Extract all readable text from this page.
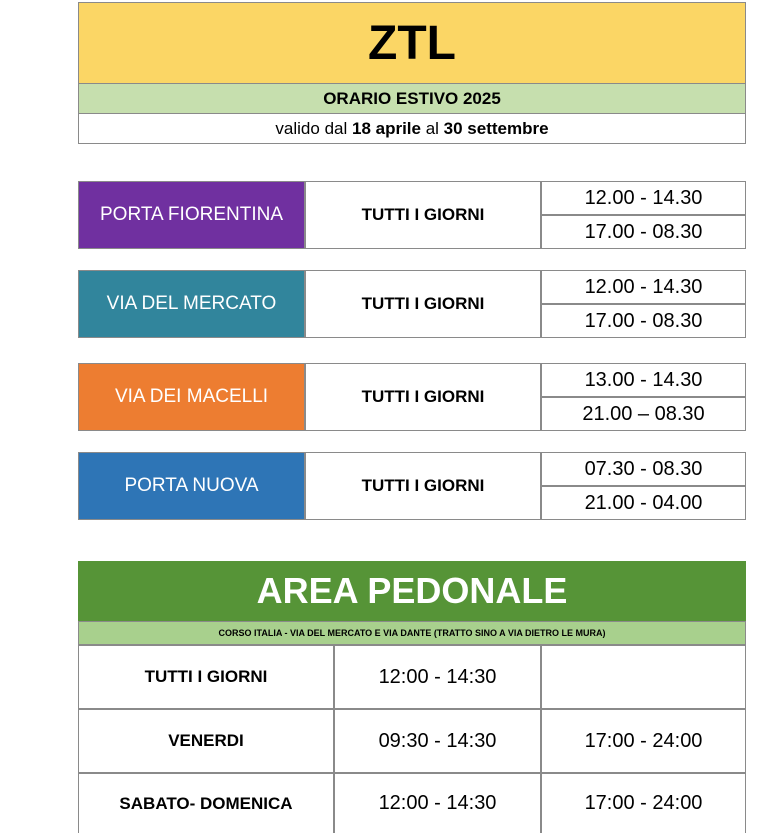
ZTL
ORARIO ESTIVO 2025
valido dal 18 aprile al 30 settembre
PORTA FIORENTINA	TUTTI I GIORNI
12.00 - 14.30
17.00 - 08.30
VIA DEL MERCATO	TUTTI I GIORNI
12.00 - 14.30
17.00 - 08.30
VIA DEI MACELLI	TUTTI I GIORNI
13.00 - 14.30
21.00 – 08.30
PORTA NUOVA	TUTTI I GIORNI
07.30 - 08.30
21.00 - 04.00
AREA PEDONALE
CORSO ITALIA - VIA DEL MERCATO E VIA DANTE (TRATTO SINO A VIA DIETRO LE MURA)
TUTTI I GIORNI	12:00 - 14:30
VENERDI	09:30 - 14:30	17:00 - 24:00
SABATO- DOMENICA	12:00 - 14:30	17:00 - 24:00
